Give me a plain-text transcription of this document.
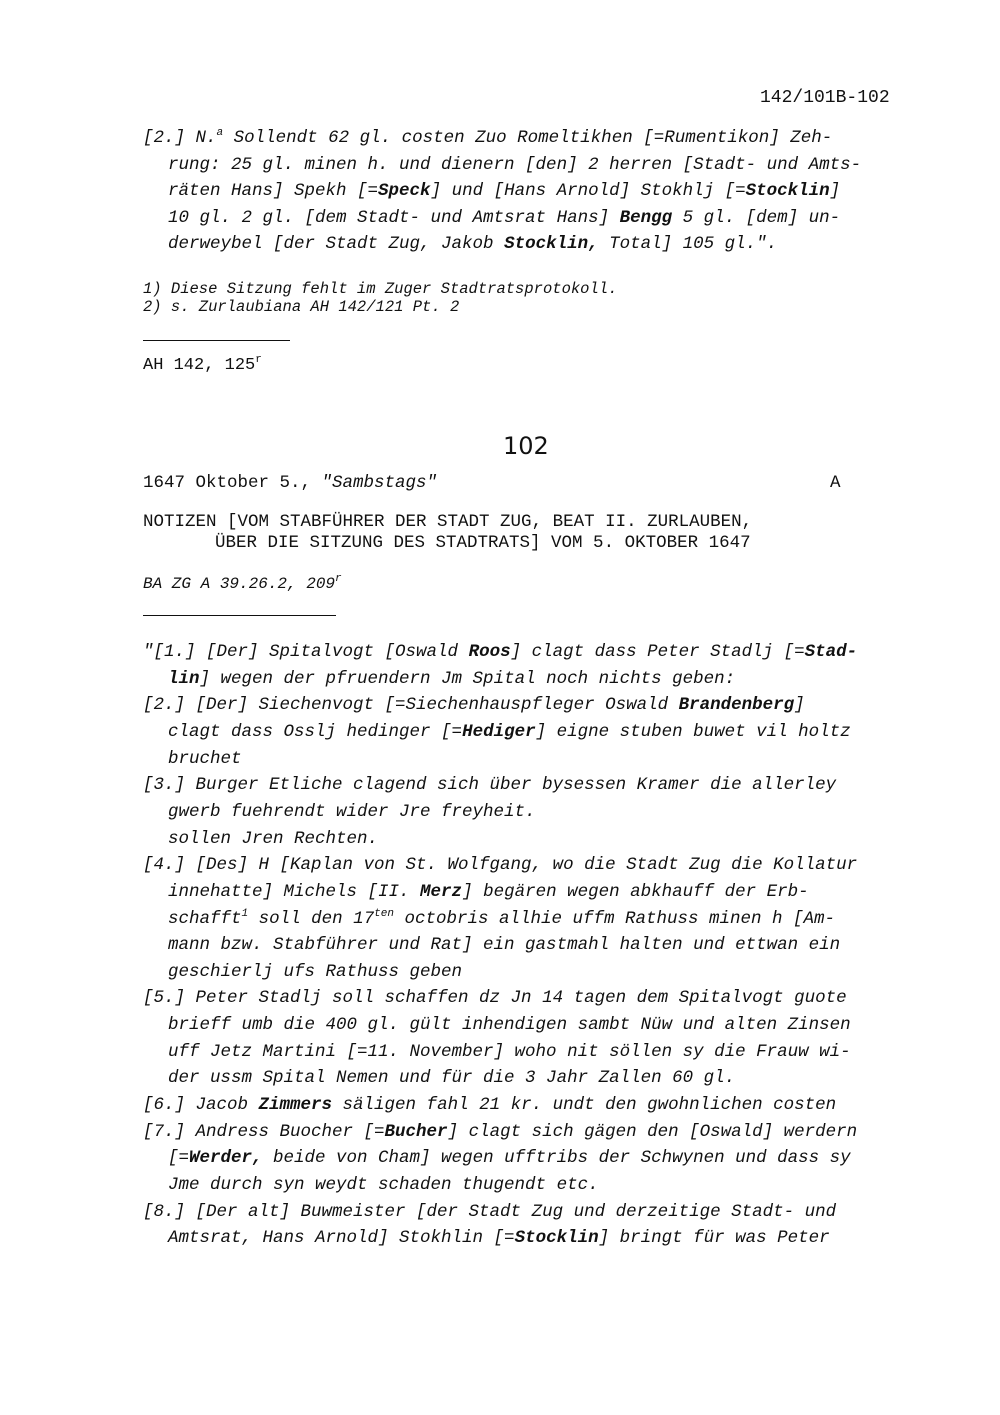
142/101B-102
[2.] N.$^a$ Sollendt 62 gl. costen Zuo Romeltikhen [=Rumentikon] Zeh-
rung: 25 gl. minen h. und dienern [den] 2 herren [Stadt- und Amts-
räten Hans] Spekh [=Speck] und [Hans Arnold] Stokhlj [=Stocklin]
10 gl. 2 gl. [dem Stadt- und Amtsrat Hans] Bengg 5 gl. [dem] un-
derweybel [der Stadt Zug, Jakob Stocklin, Total] 105 gl.".
1) Diese Sitzung fehlt im Zuger Stadtratsprotokoll.
2) s. Zurlaubiana AH 142/121 Pt. 2
AH 142, 125$^r$
102
1647 Oktober 5., "Sambstags"	A
NOTIZEN [VOM STABFÜHRER DER STADT ZUG, BEAT II. ZURLAUBEN,
ÜBER DIE SITZUNG DES STADTRATS] VOM 5. OKTOBER 1647
BA ZG A 39.26.2, 209$^r$
"[1.] [Der] Spitalvogt [Oswald Roos] clagt dass Peter Stadlj [=Stad-
lin] wegen der pfruendern Jm Spital noch nichts geben:
[2.] [Der] Siechenvogt [=Siechenhauspfleger Oswald Brandenberg]
clagt dass Osslj hedinger [=Hediger] eigne stuben buwet vil holtz
bruchet
[3.] Burger Etliche clagend sich über bysessen Kramer die allerley
gwerb fuehrendt wider Jre freyheit.
sollen Jren Rechten.
[4.] [Des] H [Kaplan von St. Wolfgang, wo die Stadt Zug die Kollatur
innehatte] Michels [II. Merz] begären wegen abkhauff der Erb-
schafft$^1$ soll den $17^{ten}$ octobris allhie uffm Rathuss minen h [Am-
mann bzw. Stabführer und Rat] ein gastmahl halten und ettwan ein
geschierlj ufs Rathuss geben
[5.] Peter Stadlj soll schaffen dz Jn 14 tagen dem Spitalvogt guote
brieff umb die 400 gl. gült inhendigen sambt Nüw und alten Zinsen
uff Jetz Martini [=11. November] woho nit söllen sy die Frauw wi-
der ussm Spital Nemen und für die 3 Jahr Zallen 60 gl.
[6.] Jacob Zimmers säligen fahl 21 kr. undt den gwohnlichen costen
[7.] Andress Buocher [=Bucher] clagt sich gägen den [Oswald] werdern
[=Werder, beide von Cham] wegen ufftribs der Schwynen und dass sy
Jme durch syn weydt schaden thugendt etc.
[8.] [Der alt] Buwmeister [der Stadt Zug und derzeitige Stadt- und
Amtsrat, Hans Arnold] Stokhlin [=Stocklin] bringt für was Peter
